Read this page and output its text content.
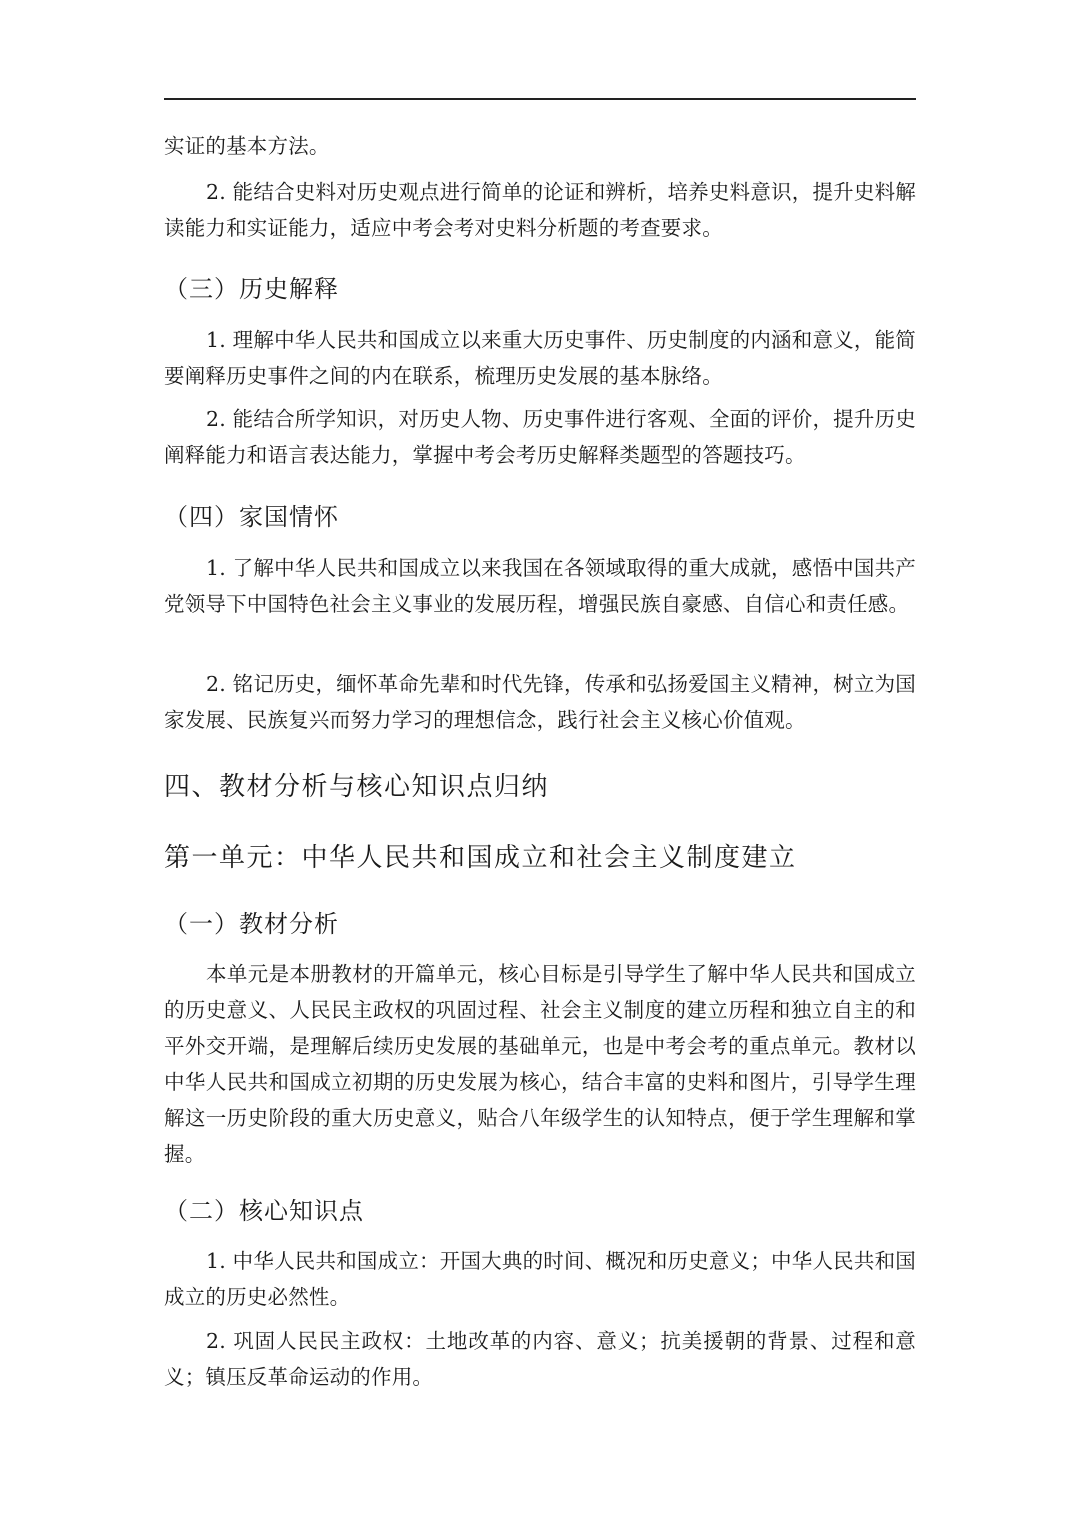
实证的基本方法。

2. 能结合史料对历史观点进行简单的论证和辨析，培养史料意识，提升史料解读能力和实证能力，适应中考会考对史料分析题的考查要求。

（三）历史解释

1. 理解中华人民共和国成立以来重大历史事件、历史制度的内涵和意义，能简要阐释历史事件之间的内在联系，梳理历史发展的基本脉络。

2. 能结合所学知识，对历史人物、历史事件进行客观、全面的评价，提升历史阐释能力和语言表达能力，掌握中考会考历史解释类题型的答题技巧。

（四）家国情怀

1. 了解中华人民共和国成立以来我国在各领域取得的重大成就，感悟中国共产党领导下中国特色社会主义事业的发展历程，增强民族自豪感、自信心和责任感。

2. 铭记历史，缅怀革命先辈和时代先锋，传承和弘扬爱国主义精神，树立为国家发展、民族复兴而努力学习的理想信念，践行社会主义核心价值观。

四、教材分析与核心知识点归纳
第一单元：中华人民共和国成立和社会主义制度建立
（一）教材分析

本单元是本册教材的开篇单元，核心目标是引导学生了解中华人民共和国成立的历史意义、人民民主政权的巩固过程、社会主义制度的建立历程和独立自主的和平外交开端，是理解后续历史发展的基础单元，也是中考会考的重点单元。教材以中华人民共和国成立初期的历史发展为核心，结合丰富的史料和图片，引导学生理解这一历史阶段的重大历史意义，贴合八年级学生的认知特点，便于学生理解和掌握。

（二）核心知识点

1. 中华人民共和国成立：开国大典的时间、概况和历史意义；中华人民共和国成立的历史必然性。

2. 巩固人民民主政权：土地改革的内容、意义；抗美援朝的背景、过程和意义；镇压反革命运动的作用。
